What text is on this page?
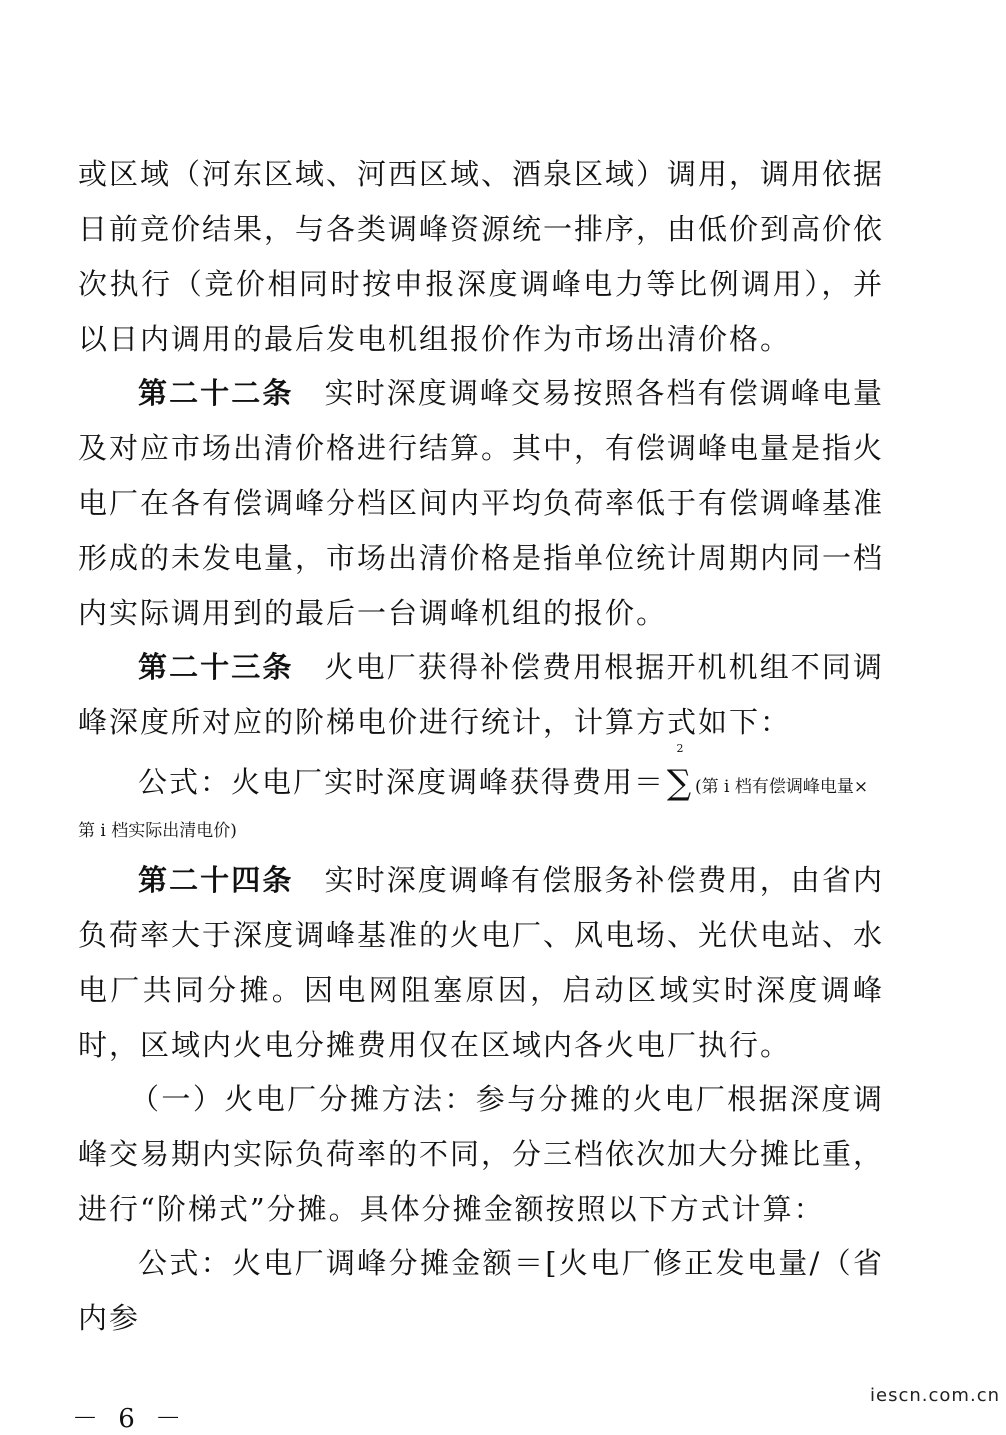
或区域（河东区域、河西区域、酒泉区域）调用，调用依据日前竞价结果，与各类调峰资源统一排序，由低价到高价依次执行（竞价相同时按申报深度调峰电力等比例调用），并以日内调用的最后发电机组报价作为市场出清价格。

第二十二条　 实时深度调峰交易按照各档有偿调峰电量及对应市场出清价格进行结算。其中，有偿调峰电量是指火电厂在各有偿调峰分档区间内平均负荷率低于有偿调峰基准形成的未发电量，市场出清价格是指单位统计周期内同一档内实际调用到的最后一台调峰机组的报价。

第二十三条　 火电厂获得补偿费用根据开机机组不同调峰深度所对应的阶梯电价进行统计，计算方式如下：

公式：火电厂实时深度调峰获得费用＝
2
∑ (第 i 档有偿调峰电量×
第 i 档实际出清电价)

第二十四条　 实时深度调峰有偿服务补偿费用，由省内负荷率大于深度调峰基准的火电厂、风电场、光伏电站、水电厂共同分摊。因电网阻塞原因，启动区域实时深度调峰时，区域内火电分摊费用仅在区域内各火电厂执行。

（一）火电厂分摊方法：参与分摊的火电厂根据深度调峰交易期内实际负荷率的不同，分三档依次加大分摊比重，进行“阶梯式”分摊。具体分摊金额按照以下方式计算：

公式：火电厂调峰分摊金额＝[火电厂修正发电量/（省内参

iescn.com.cn
－ 6 －
